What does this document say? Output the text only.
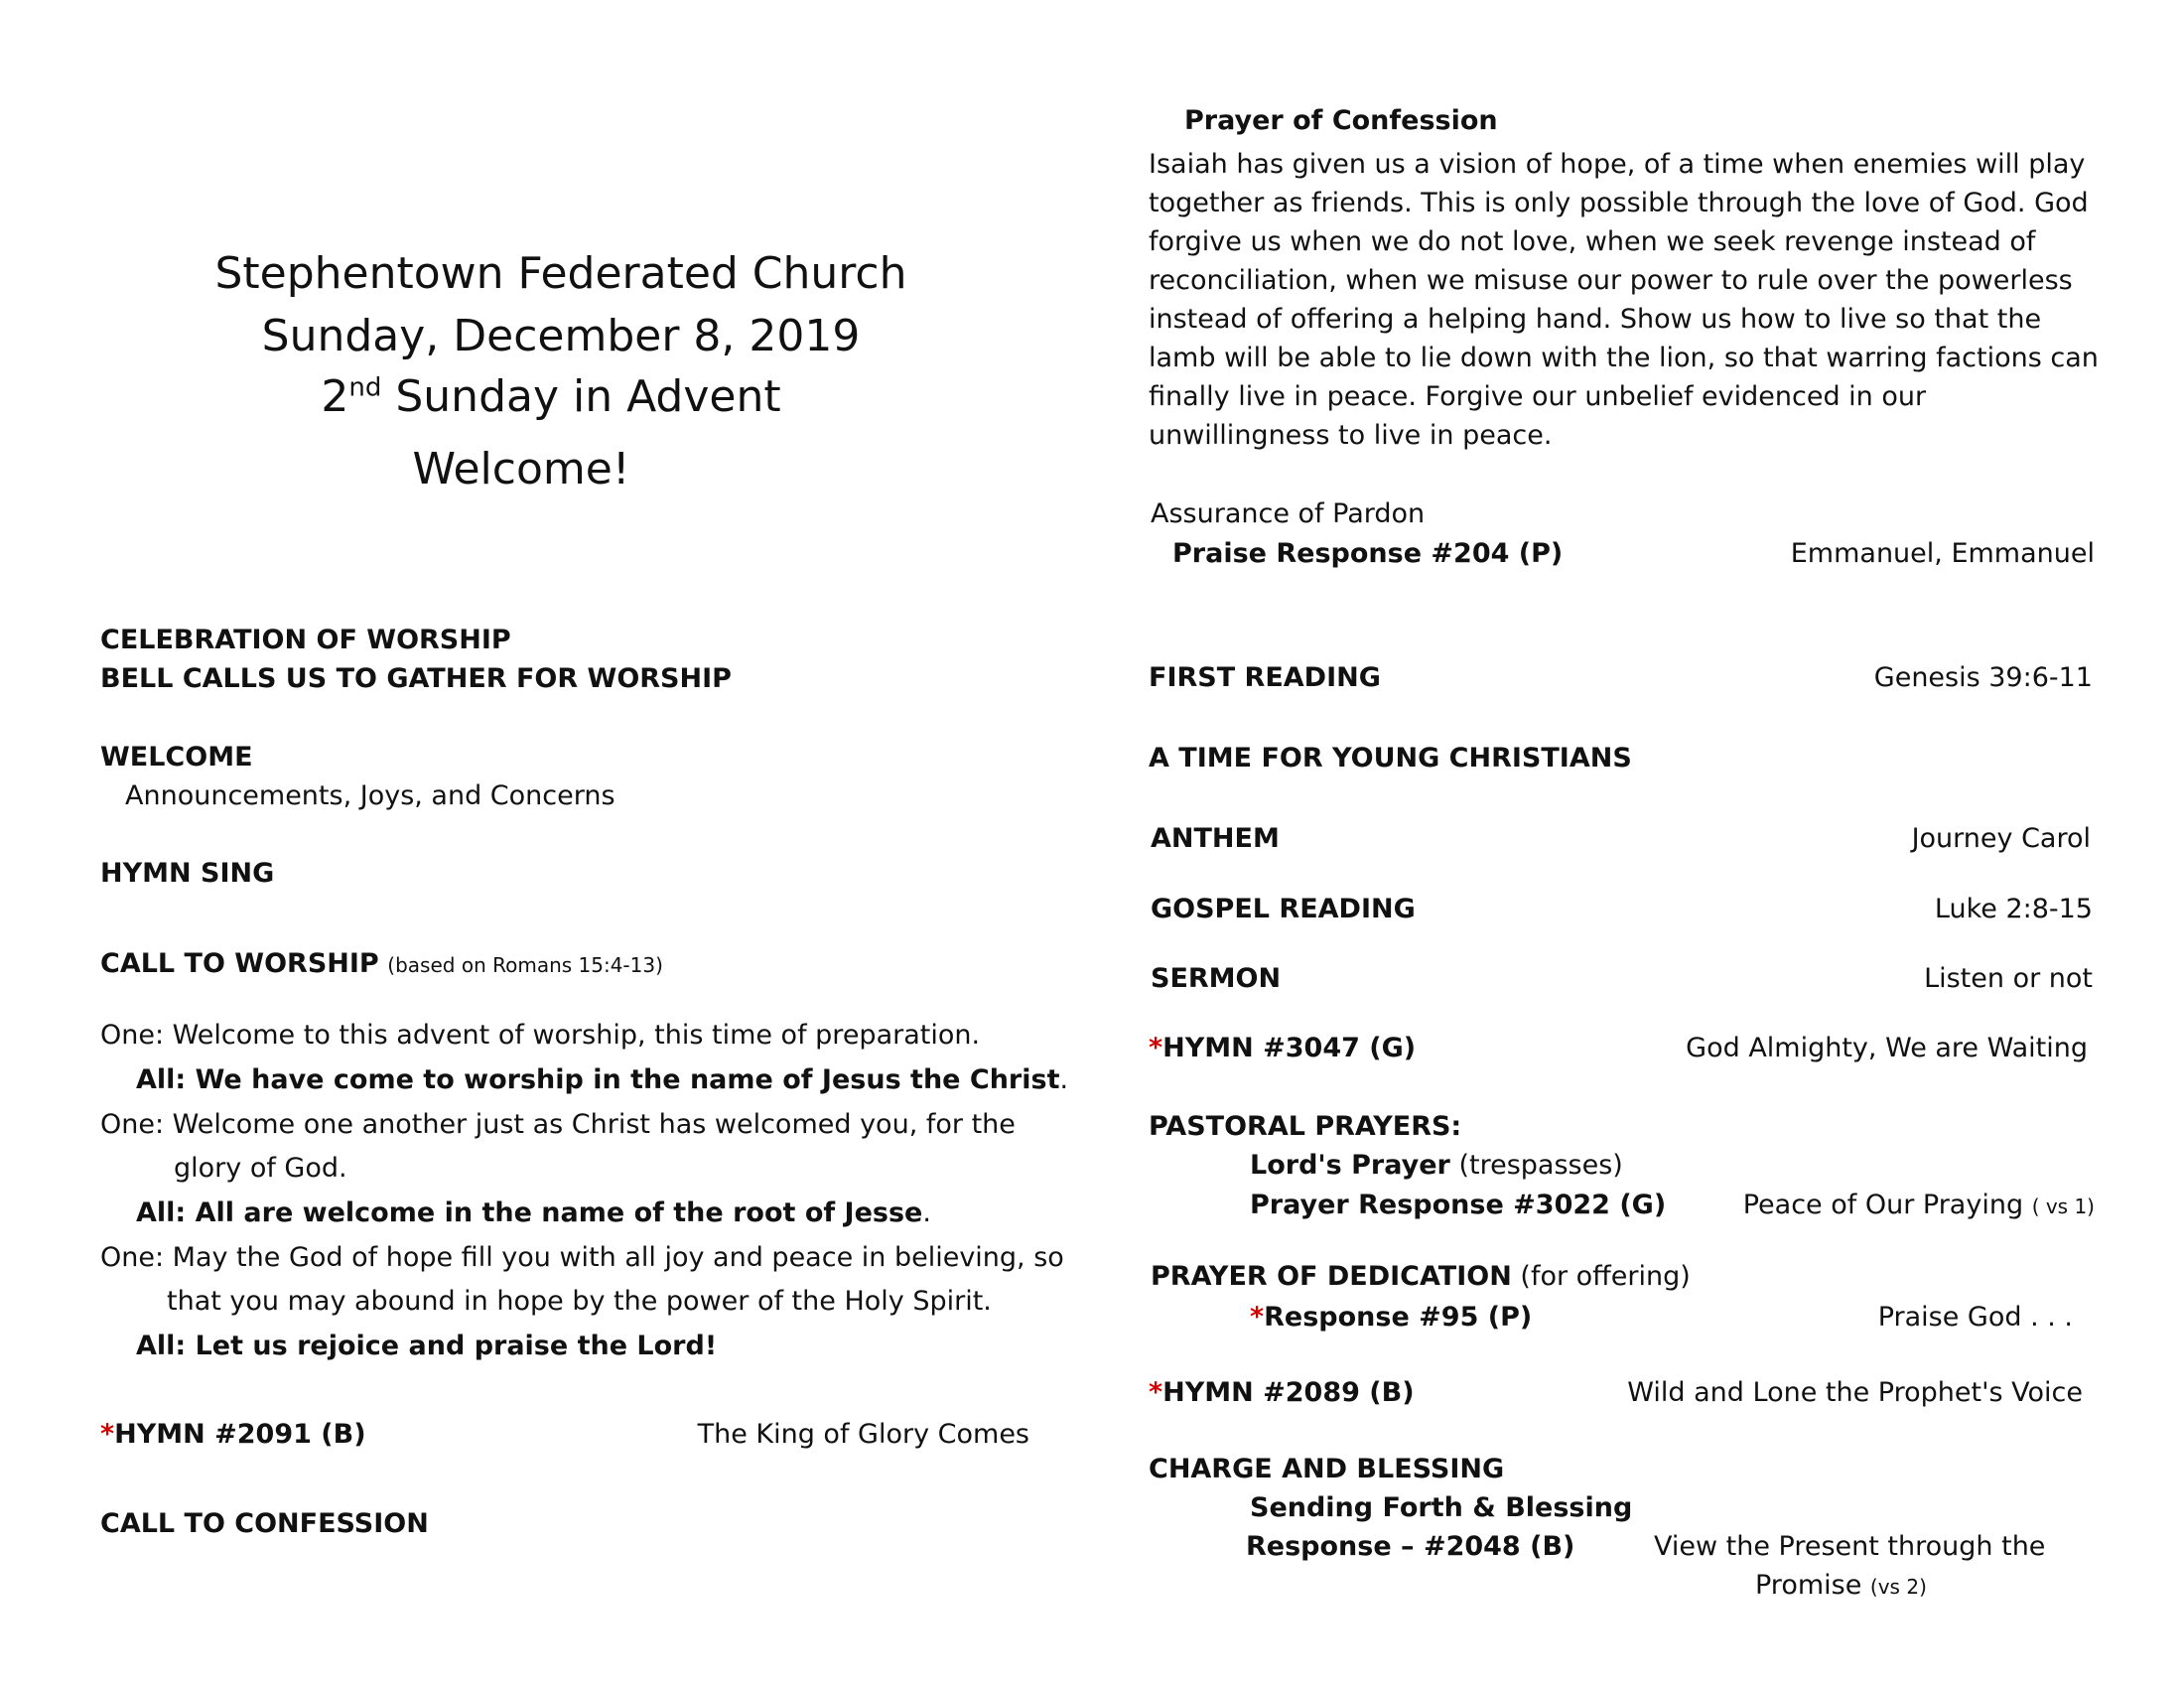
Stephentown Federated Church
Sunday, December 8, 2019
2nd Sunday in Advent
Welcome!
CELEBRATION OF WORSHIP
BELL CALLS US TO GATHER FOR WORSHIP
WELCOME
Announcements, Joys, and Concerns
HYMN SING
CALL TO WORSHIP (based on Romans 15:4-13)
One: Welcome to this advent of worship, this time of preparation.
All: We have come to worship in the name of Jesus the Christ.
One: Welcome one another just as Christ has welcomed you, for the
glory of God.
All: All are welcome in the name of the root of Jesse.
One: May the God of hope fill you with all joy and peace in believing, so
that you may abound in hope by the power of the Holy Spirit.
All: Let us rejoice and praise the Lord!
*HYMN #2091 (B)	The King of Glory Comes
CALL TO CONFESSION
Prayer of Confession
Isaiah has given us a vision of hope, of a time when enemies will play together as friends. This is only possible through the love of God. God forgive us when we do not love, when we seek revenge instead of reconciliation, when we misuse our power to rule over the powerless instead of offering a helping hand. Show us how to live so that the lamb will be able to lie down with the lion, so that warring factions can finally live in peace. Forgive our unbelief evidenced in our unwillingness to live in peace.
Assurance of Pardon
Praise Response #204 (P)	Emmanuel, Emmanuel
FIRST READING	Genesis 39:6-11
A TIME FOR YOUNG CHRISTIANS
ANTHEM	Journey Carol
GOSPEL READING	Luke 2:8-15
SERMON	Listen or not
*HYMN #3047 (G)	God Almighty, We are Waiting
PASTORAL PRAYERS:
Lord's Prayer (trespasses)
Prayer Response #3022 (G)	Peace of Our Praying ( vs 1)
PRAYER OF DEDICATION (for offering)
*Response #95 (P)	Praise God . . .
*HYMN #2089 (B)	Wild and Lone the Prophet's Voice
CHARGE AND BLESSING
Sending Forth & Blessing
Response – #2048 (B)	View the Present through the
Promise (vs 2)
